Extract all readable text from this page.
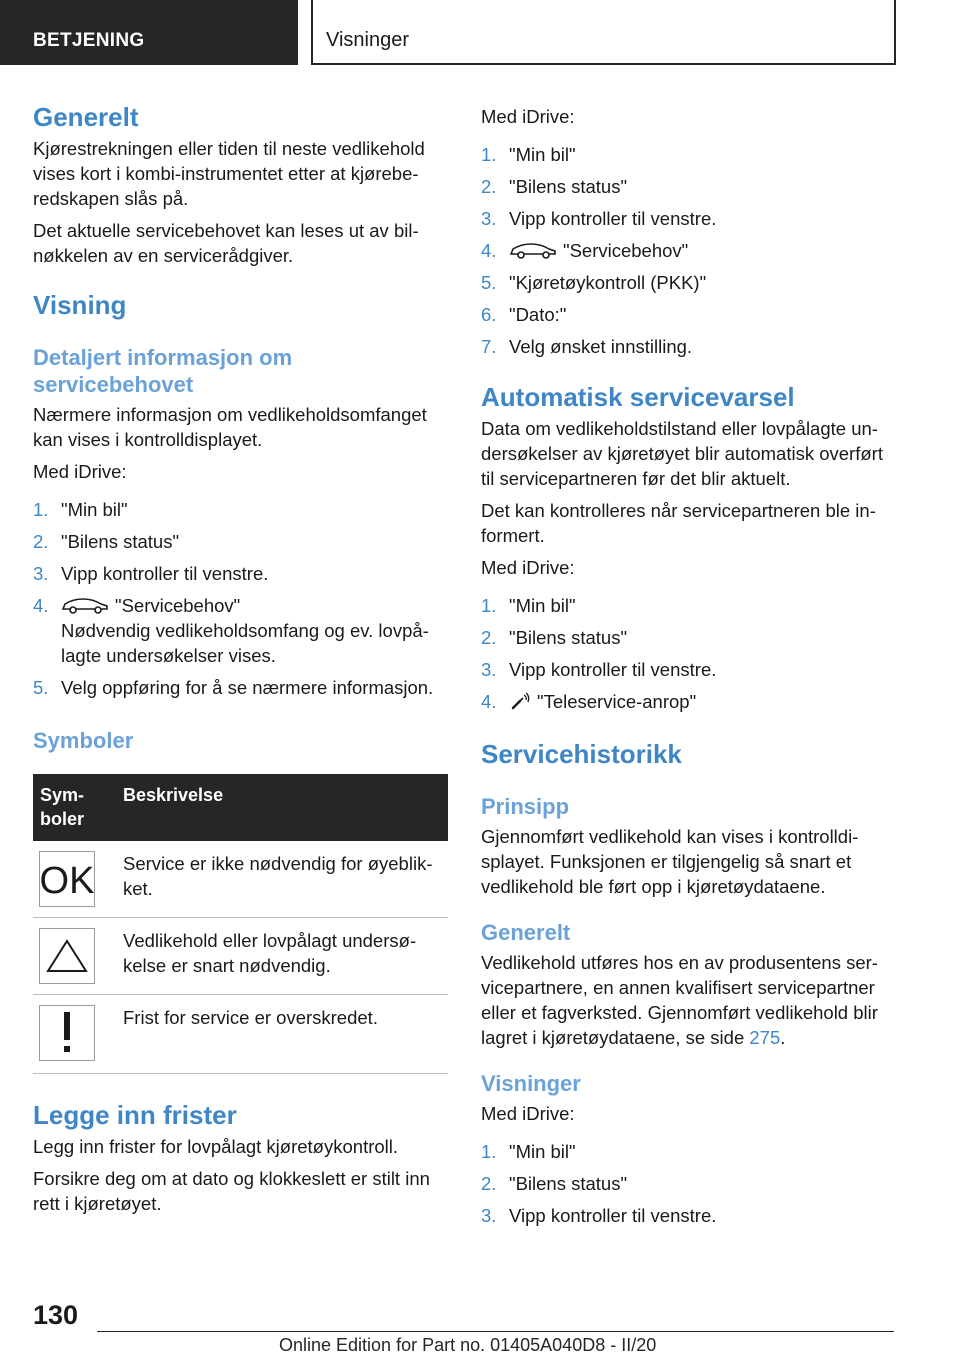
BETJENING	Visninger
Generelt

Kjørestrekningen eller tiden til neste vedlikehold vises kort i kombi-instrumentet etter at kjøreberedskapen slås på.

Det aktuelle servicebehovet kan leses ut av bilnøkkelen av en servicerådgiver.

Visning
Detaljert informasjon om servicebehovet

Nærmere informasjon om vedlikeholdsomfanget kan vises i kontrolldisplayet.

Med iDrive:

1. "Min bil"
2. "Bilens status"
3. Vipp kontroller til venstre.
4.	"Servicebehov"
Nødvendig vedlikeholdsomfang og ev. lovpålagte undersøkelser vises.
5. Velg oppføring for å se nærmere informasjon.
Symboler
Symboler	Beskrivelse

OK	Service er ikke nødvendig for øyeblikket.

	Vedlikehold eller lovpålagt undersøkelse er snart nødvendig.

	Frist for service er overskredet.
Legge inn frister

Legg inn frister for lovpålagt kjøretøykontroll.

Forsikre deg om at dato og klokkeslett er stilt inn rett i kjøretøyet.

Med iDrive:

1. "Min bil"
2. "Bilens status"
3. Vipp kontroller til venstre.
4.	"Servicebehov"
5. "Kjøretøykontroll (PKK)"
6. "Dato:"
7. Velg ønsket innstilling.
Automatisk servicevarsel

Data om vedlikeholdstilstand eller lovpålagte undersøkelser av kjøretøyet blir automatisk overført til servicepartneren før det blir aktuelt.

Det kan kontrolleres når servicepartneren ble informert.

Med iDrive:

1. "Min bil"
2. "Bilens status"
3. Vipp kontroller til venstre.
4.	"Teleservice-anrop"
Servicehistorikk
Prinsipp

Gjennomført vedlikehold kan vises i kontrolldisplayet. Funksjonen er tilgjengelig så snart et vedlikehold ble ført opp i kjøretøydataene.

Generelt

Vedlikehold utføres hos en av produsentens servicepartnere, en annen kvalifisert servicepartner eller et fagverksted. Gjennomført vedlikehold blir lagret i kjøretøydataene, se side 275.

Visninger

Med iDrive:

1. "Min bil"
2. "Bilens status"
3. Vipp kontroller til venstre.
130
Online Edition for Part no. 01405A040D8 - II/20
